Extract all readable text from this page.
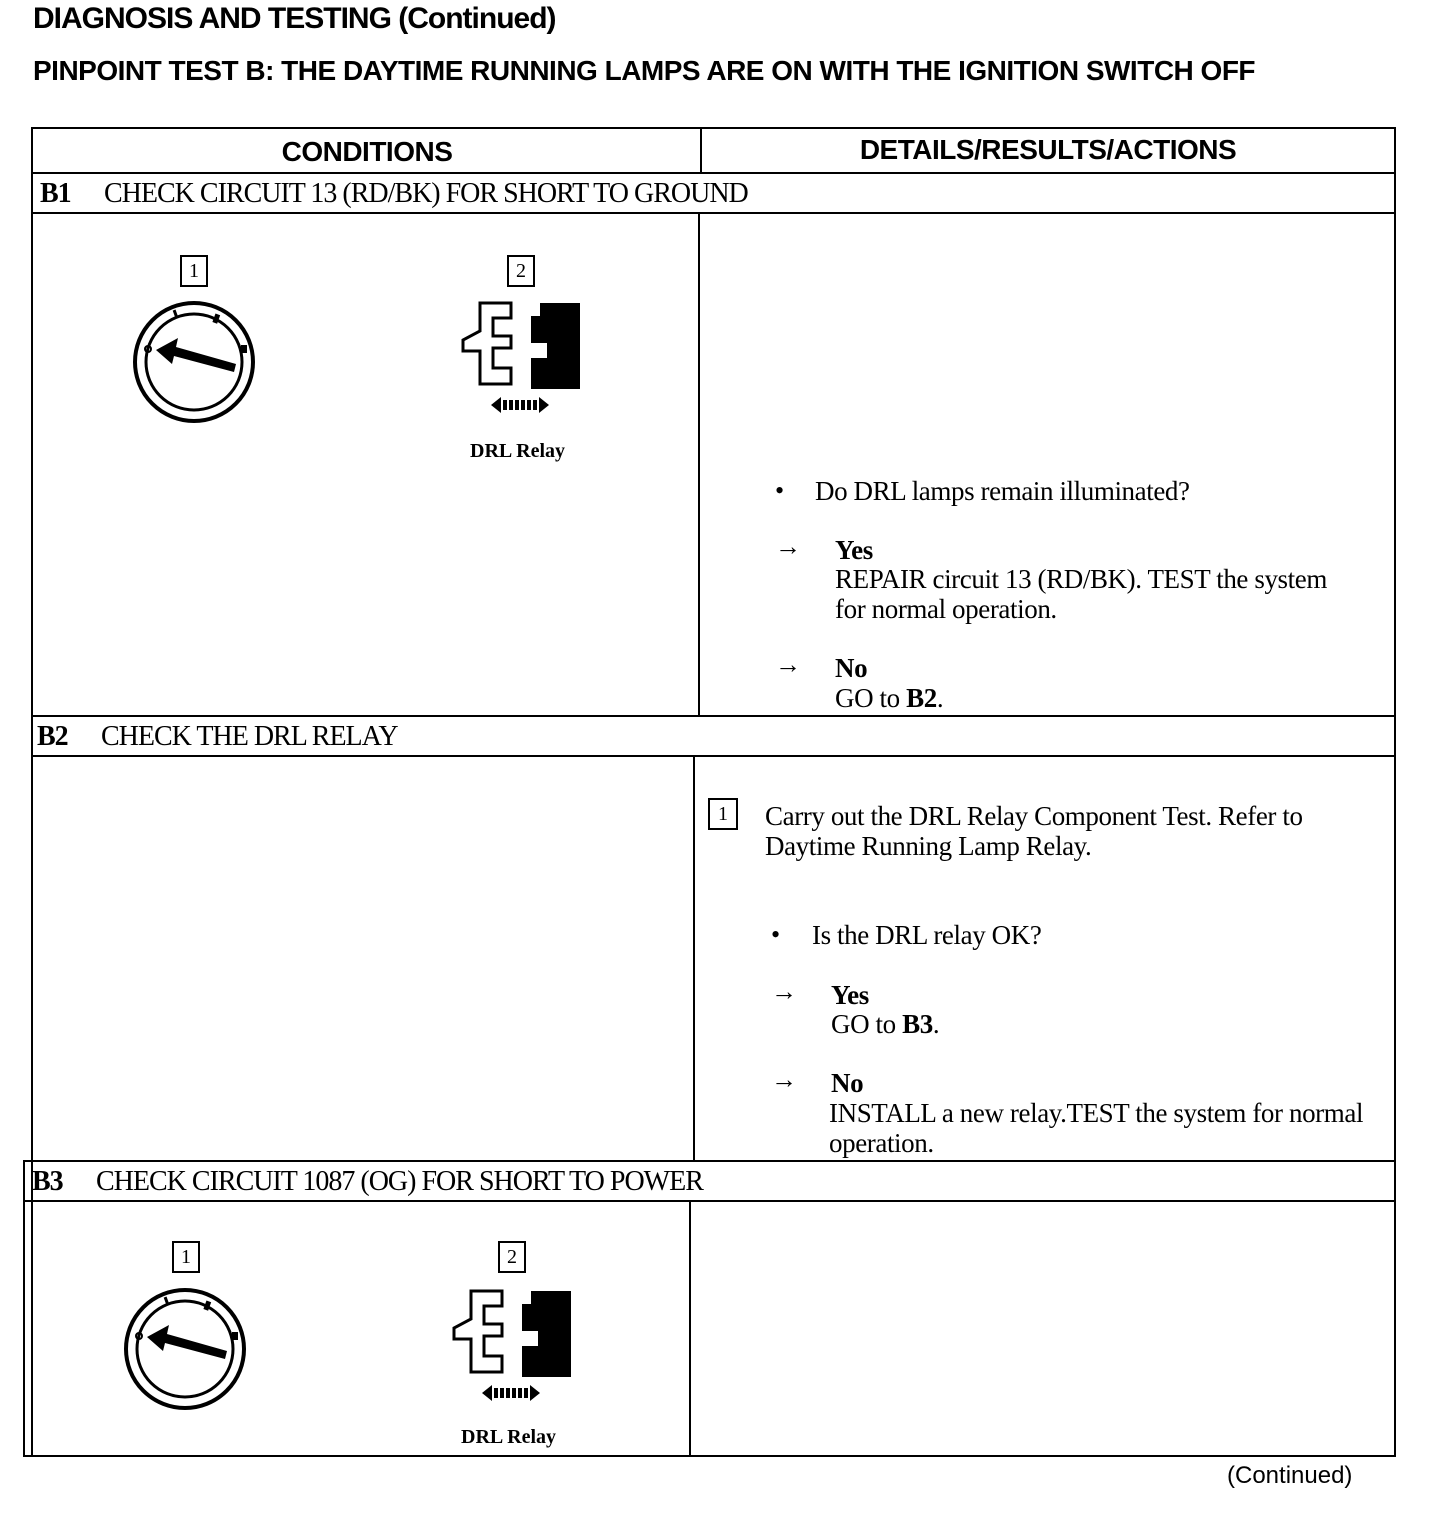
DIAGNOSIS AND TESTING (Continued)
PINPOINT TEST B: THE DAYTIME RUNNING LAMPS ARE ON WITH THE IGNITION SWITCH OFF
CONDITIONS	DETAILS/RESULTS/ACTIONS
B1 CHECK CIRCUIT 13 (RD/BK) FOR SHORT TO GROUND
1	2
DRL Relay
• Do DRL lamps remain illuminated?
→ Yes
REPAIR circuit 13 (RD/BK). TEST the system for normal operation.
→ No
GO to B2.
B2 CHECK THE DRL RELAY
1	Carry out the DRL Relay Component Test. Refer to Daytime Running Lamp Relay.
• Is the DRL relay OK?
→ Yes
GO to B3.
→ No
INSTALL a new relay.TEST the system for normal operation.
B3 CHECK CIRCUIT 1087 (OG) FOR SHORT TO POWER
1	2
DRL Relay

(Continued)
